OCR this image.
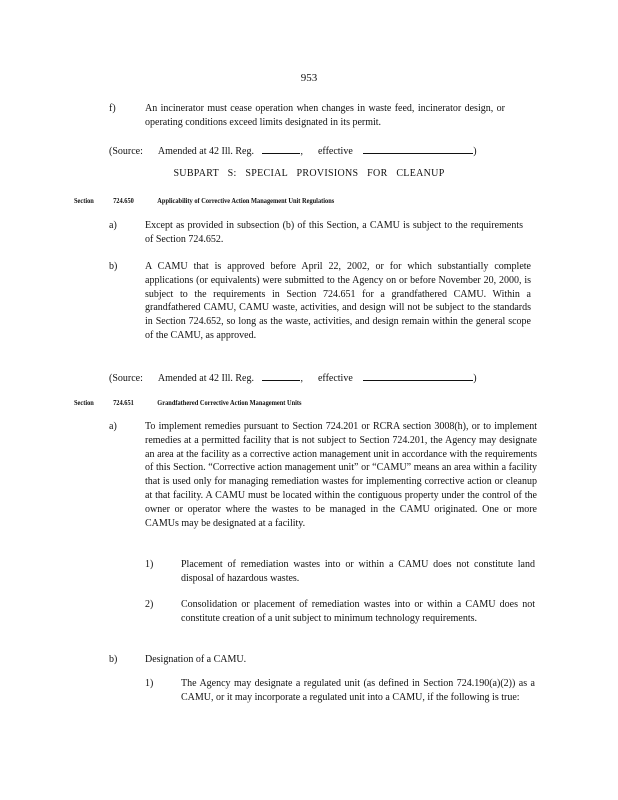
953
f)	An incinerator must cease operation when changes in waste feed, incinerator design, or operating conditions exceed limits designated in its permit.
(Source: Amended at 42 Ill. Reg.	,  effective	)
SUBPART S: SPECIAL PROVISIONS FOR CLEANUP
Section	724.650	Applicability of Corrective Action Management Unit Regulations
a)	Except as provided in subsection (b) of this Section, a CAMU is subject to the requirements of Section 724.652.
b)	A CAMU that is approved before April 22, 2002, or for which substantially complete applications (or equivalents) were submitted to the Agency on or before November 20, 2000, is subject to the requirements in Section 724.651 for a grandfathered CAMU. Within a grandfathered CAMU, CAMU waste, activities, and design will not be subject to the standards in Section 724.652, so long as the waste, activities, and design remain within the general scope of the CAMU, as approved.
(Source: Amended at 42 Ill. Reg.	,  effective	)
Section	724.651	Grandfathered Corrective Action Management Units
a)	To implement remedies pursuant to Section 724.201 or RCRA section 3008(h), or to implement remedies at a permitted facility that is not subject to Section 724.201, the Agency may designate an area at the facility as a corrective action management unit in accordance with the requirements of this Section. “Corrective action management unit” or “CAMU” means an area within a facility that is used only for managing remediation wastes for implementing corrective action or cleanup at that facility. A CAMU must be located within the contiguous property under the control of the owner or operator where the wastes to be managed in the CAMU originated. One or more CAMUs may be designated at a facility.
1)	Placement of remediation wastes into or within a CAMU does not constitute land disposal of hazardous wastes.
2)	Consolidation or placement of remediation wastes into or within a CAMU does not constitute creation of a unit subject to minimum technology requirements.
b)	Designation of a CAMU.
1)	The Agency may designate a regulated unit (as defined in Section 724.190(a)(2)) as a CAMU, or it may incorporate a regulated unit into a CAMU, if the following is true:
